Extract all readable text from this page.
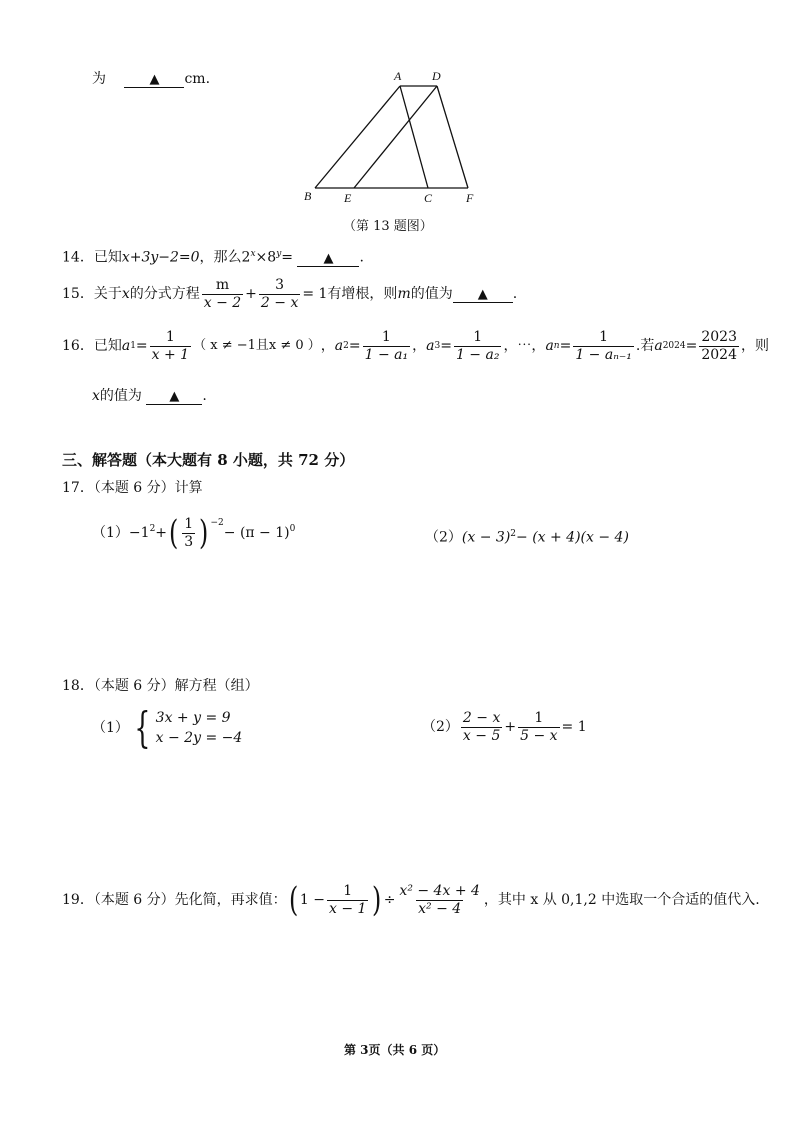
为	▲ cm.	A	D
B	E	C	F
（第 13 题图）
14．已知x+3y−2=0，那么$2^x\times 8^y=$ ▲ .
15． 关于 x 的分式方程 $\frac{m}{x - 2} + \frac{3}{2 - x} = 1$ 有增根，则 m 的值为	▲	.
16． 已知 a $1 = \frac{1}{x + 1}$ （ x ≠ −1且x ≠ 0 ） ， a $2 = \frac{1}{\text{1 − a₁}}$ ， a $3 = \frac{1}{\text{1 − a₂}}$ ，⋯， a $n = \frac{1}{\text{1 − aₙ₋₁}}$ .若 a $2024 = \frac{2023}{2024}$ ，则
x的值为 ▲ .
三、解答题（本大题有 8 小题，共 72 分）
17．（本题 6 分）计算
$(1) -1^2$ + ( $\frac{1}{3} )^{-2}$
− $(\pi - 1)^0$
$(2)(x - 3)^2- (x + 4)(x - 4)$
18．（本题 6 分）解方程（组）
（1） { 3x + y = 9
x − 2y = −4
$(2) \frac{2 - x}{x - 5} + \frac{1}{5 - x} = 1$
19．（本题 6 分）先化简，再求值： ( $1 - \frac{1}{x - 1}$ ) ÷ $\frac{\text{x² − 4x + 4}}{\text{x² − 4}}$ ，其中 x 从 0,1,2 中选取一个合适的值代入.
第 3页（共 6 页）
